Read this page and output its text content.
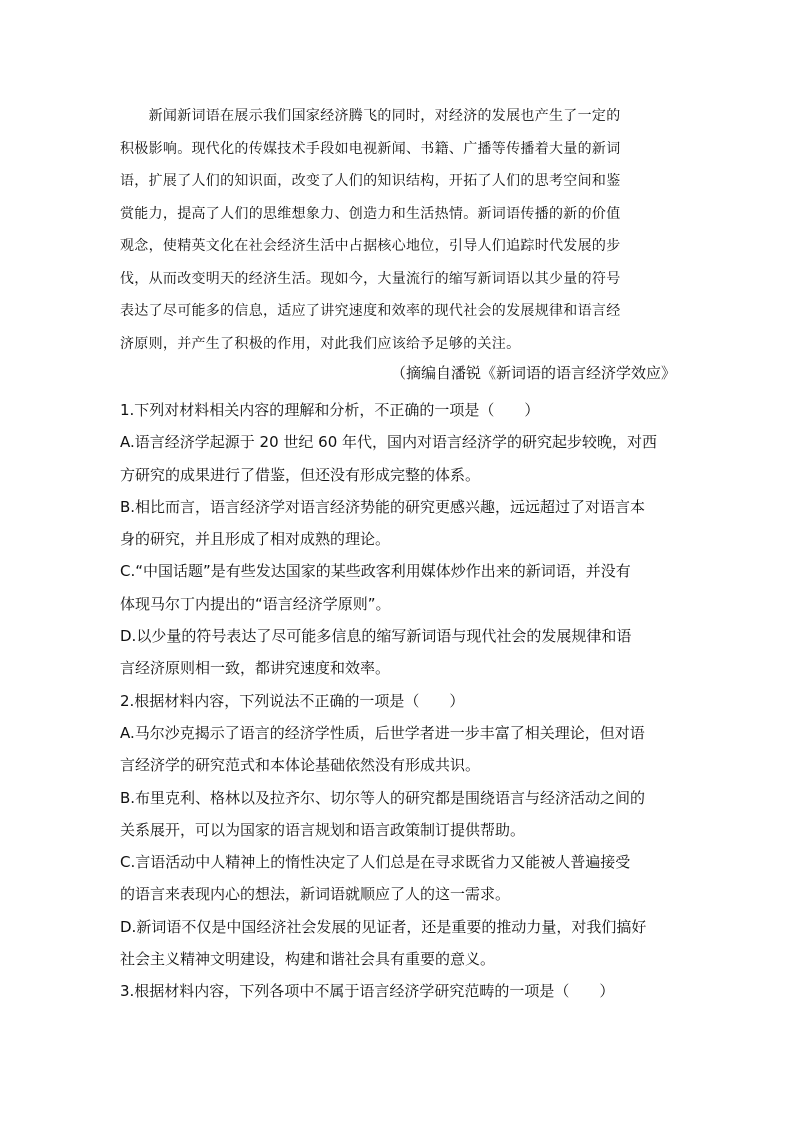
　　新闻新词语在展示我们国家经济腾飞的同时，对经济的发展也产生了一定的
积极影响。现代化的传媒技术手段如电视新闻、书籍、广播等传播着大量的新词
语，扩展了人们的知识面，改变了人们的知识结构，开拓了人们的思考空间和鉴
赏能力，提高了人们的思维想象力、创造力和生活热情。新词语传播的新的价值
观念，使精英文化在社会经济生活中占据核心地位，引导人们追踪时代发展的步
伐，从而改变明天的经济生活。现如今，大量流行的缩写新词语以其少量的符号
表达了尽可能多的信息，适应了讲究速度和效率的现代社会的发展规律和语言经
济原则，并产生了积极的作用，对此我们应该给予足够的关注。
（摘编自潘锐《新词语的语言经济学效应》
1.下列对材料相关内容的理解和分析，不正确的一项是（　　）
A.语言经济学起源于 20 世纪 60 年代，国内对语言经济学的研究起步较晚，对西
方研究的成果进行了借鉴，但还没有形成完整的体系。
B.相比而言，语言经济学对语言经济势能的研究更感兴趣，远远超过了对语言本
身的研究，并且形成了相对成熟的理论。
C.“中国话题”是有些发达国家的某些政客利用媒体炒作出来的新词语，并没有
体现马尔丁内提出的“语言经济学原则”。
D.以少量的符号表达了尽可能多信息的缩写新词语与现代社会的发展规律和语
言经济原则相一致，都讲究速度和效率。
2.根据材料内容，下列说法不正确的一项是（　　）
A.马尔沙克揭示了语言的经济学性质，后世学者进一步丰富了相关理论，但对语
言经济学的研究范式和本体论基础依然没有形成共识。
B.布里克利、格林以及拉齐尔、切尔等人的研究都是围绕语言与经济活动之间的
关系展开，可以为国家的语言规划和语言政策制订提供帮助。
C.言语活动中人精神上的惰性决定了人们总是在寻求既省力又能被人普遍接受
的语言来表现内心的想法，新词语就顺应了人的这一需求。
D.新词语不仅是中国经济社会发展的见证者，还是重要的推动力量，对我们搞好
社会主义精神文明建设，构建和谐社会具有重要的意义。
3.根据材料内容，下列各项中不属于语言经济学研究范畴的一项是（　　）
